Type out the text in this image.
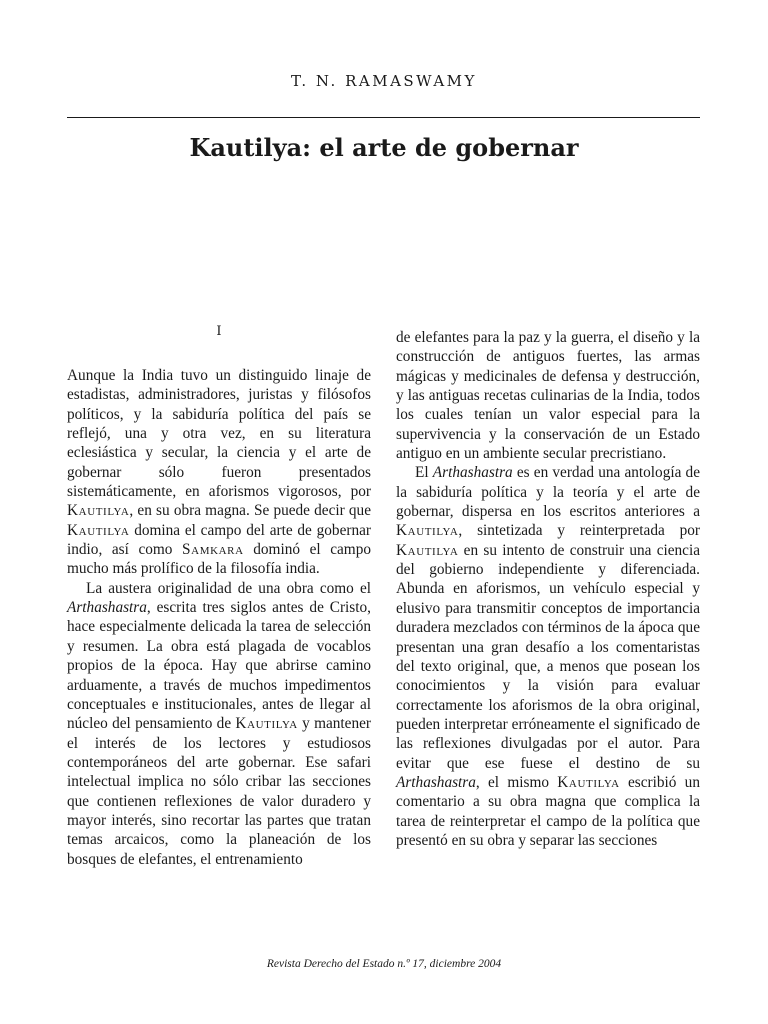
T. N. RAMASWAMY
Kautilya: el arte de gobernar
I

Aunque la India tuvo un distinguido linaje de estadistas, administradores, juristas y filósofos políticos, y la sabiduría política del país se reflejó, una y otra vez, en su literatura eclesiástica y secular, la ciencia y el arte de gobernar sólo fueron presentados sistemáticamente, en aforismos vigorosos, por Kautilya, en su obra magna. Se puede decir que Kautilya domina el campo del arte de gobernar indio, así como Samkara dominó el campo mucho más prolífico de la filosofía india.

La austera originalidad de una obra como el Arthashastra, escrita tres siglos antes de Cristo, hace especialmente delicada la tarea de selección y resumen. La obra está plagada de vocablos propios de la época. Hay que abrirse camino arduamente, a través de muchos impedimentos conceptuales e institucionales, antes de llegar al núcleo del pensamiento de Kautilya y mantener el interés de los lectores y estudiosos contemporáneos del arte gobernar. Ese safari intelectual implica no sólo cribar las secciones que contienen reflexiones de valor duradero y mayor interés, sino recortar las partes que tratan temas arcaicos, como la planeación de los bosques de elefantes, el entrenamiento

de elefantes para la paz y la guerra, el diseño y la construcción de antiguos fuertes, las armas mágicas y medicinales de defensa y destrucción, y las antiguas recetas culinarias de la India, todos los cuales tenían un valor especial para la supervivencia y la conservación de un Estado antiguo en un ambiente secular precristiano.

El Arthashastra es en verdad una antología de la sabiduría política y la teoría y el arte de gobernar, dispersa en los escritos anteriores a Kautilya, sintetizada y reinterpretada por Kautilya en su intento de construir una ciencia del gobierno independiente y diferenciada. Abunda en aforismos, un vehículo especial y elusivo para transmitir conceptos de importancia duradera mezclados con términos de la ápoca que presentan una gran desafío a los comentaristas del texto original, que, a menos que posean los conocimientos y la visión para evaluar correctamente los aforismos de la obra original, pueden interpretar erróneamente el significado de las reflexiones divulgadas por el autor. Para evitar que ese fuese el destino de su Arthashastra, el mismo Kautilya escribió un comentario a su obra magna que complica la tarea de reinterpretar el campo de la política que presentó en su obra y separar las secciones

Revista Derecho del Estado n.º 17, diciembre 2004
